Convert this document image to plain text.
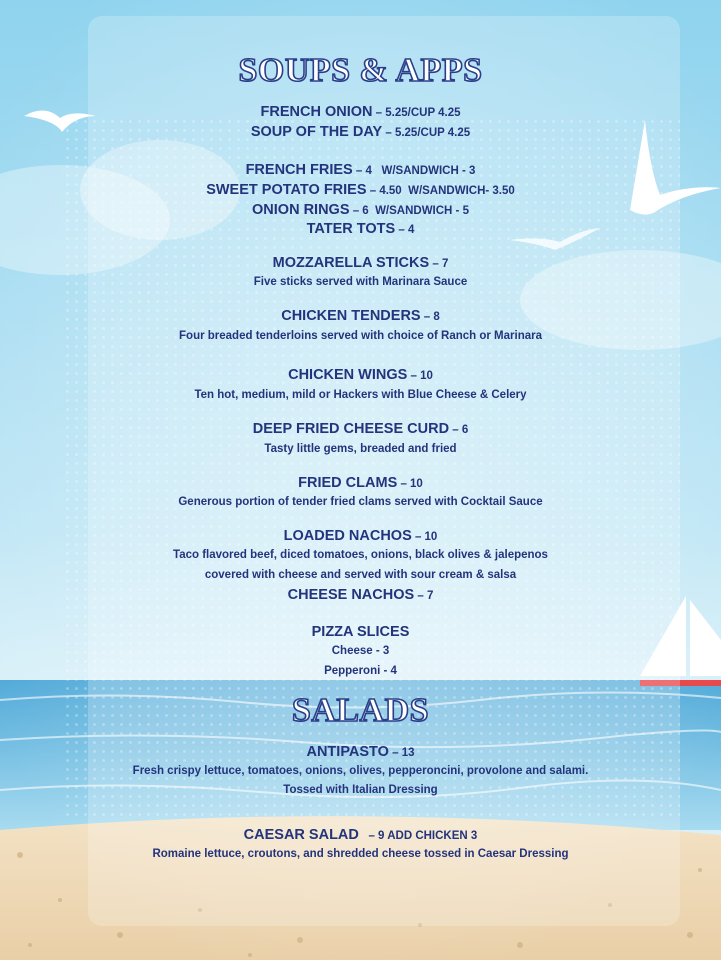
SOUPS & APPS
FRENCH ONION – 5.25/CUP 4.25
SOUP OF THE DAY – 5.25/CUP 4.25
FRENCH FRIES – 4   W/SANDWICH - 3
SWEET POTATO FRIES – 4.50  W/SANDWICH- 3.50
ONION RINGS – 6  W/SANDWICH - 5
TATER TOTS – 4
MOZZARELLA STICKS – 7
Five sticks served with Marinara Sauce
CHICKEN TENDERS – 8
Four breaded tenderloins served with choice of Ranch or Marinara
CHICKEN WINGS – 10
Ten hot, medium, mild or Hackers with Blue Cheese & Celery
DEEP FRIED CHEESE CURD – 6
Tasty little gems, breaded and fried
FRIED CLAMS – 10
Generous portion of tender fried clams served with Cocktail Sauce
LOADED NACHOS – 10
Taco flavored beef, diced tomatoes, onions, black olives & jalepenos
covered with cheese and served with sour cream & salsa
CHEESE NACHOS – 7
PIZZA SLICES
Cheese - 3
Pepperoni - 4
SALADS
ANTIPASTO – 13
Fresh crispy lettuce, tomatoes, onions, olives, pepperoncini, provolone and salami.
Tossed with Italian Dressing
CAESAR SALAD   – 9 ADD CHICKEN 3
Romaine lettuce, croutons, and shredded cheese tossed in Caesar Dressing
